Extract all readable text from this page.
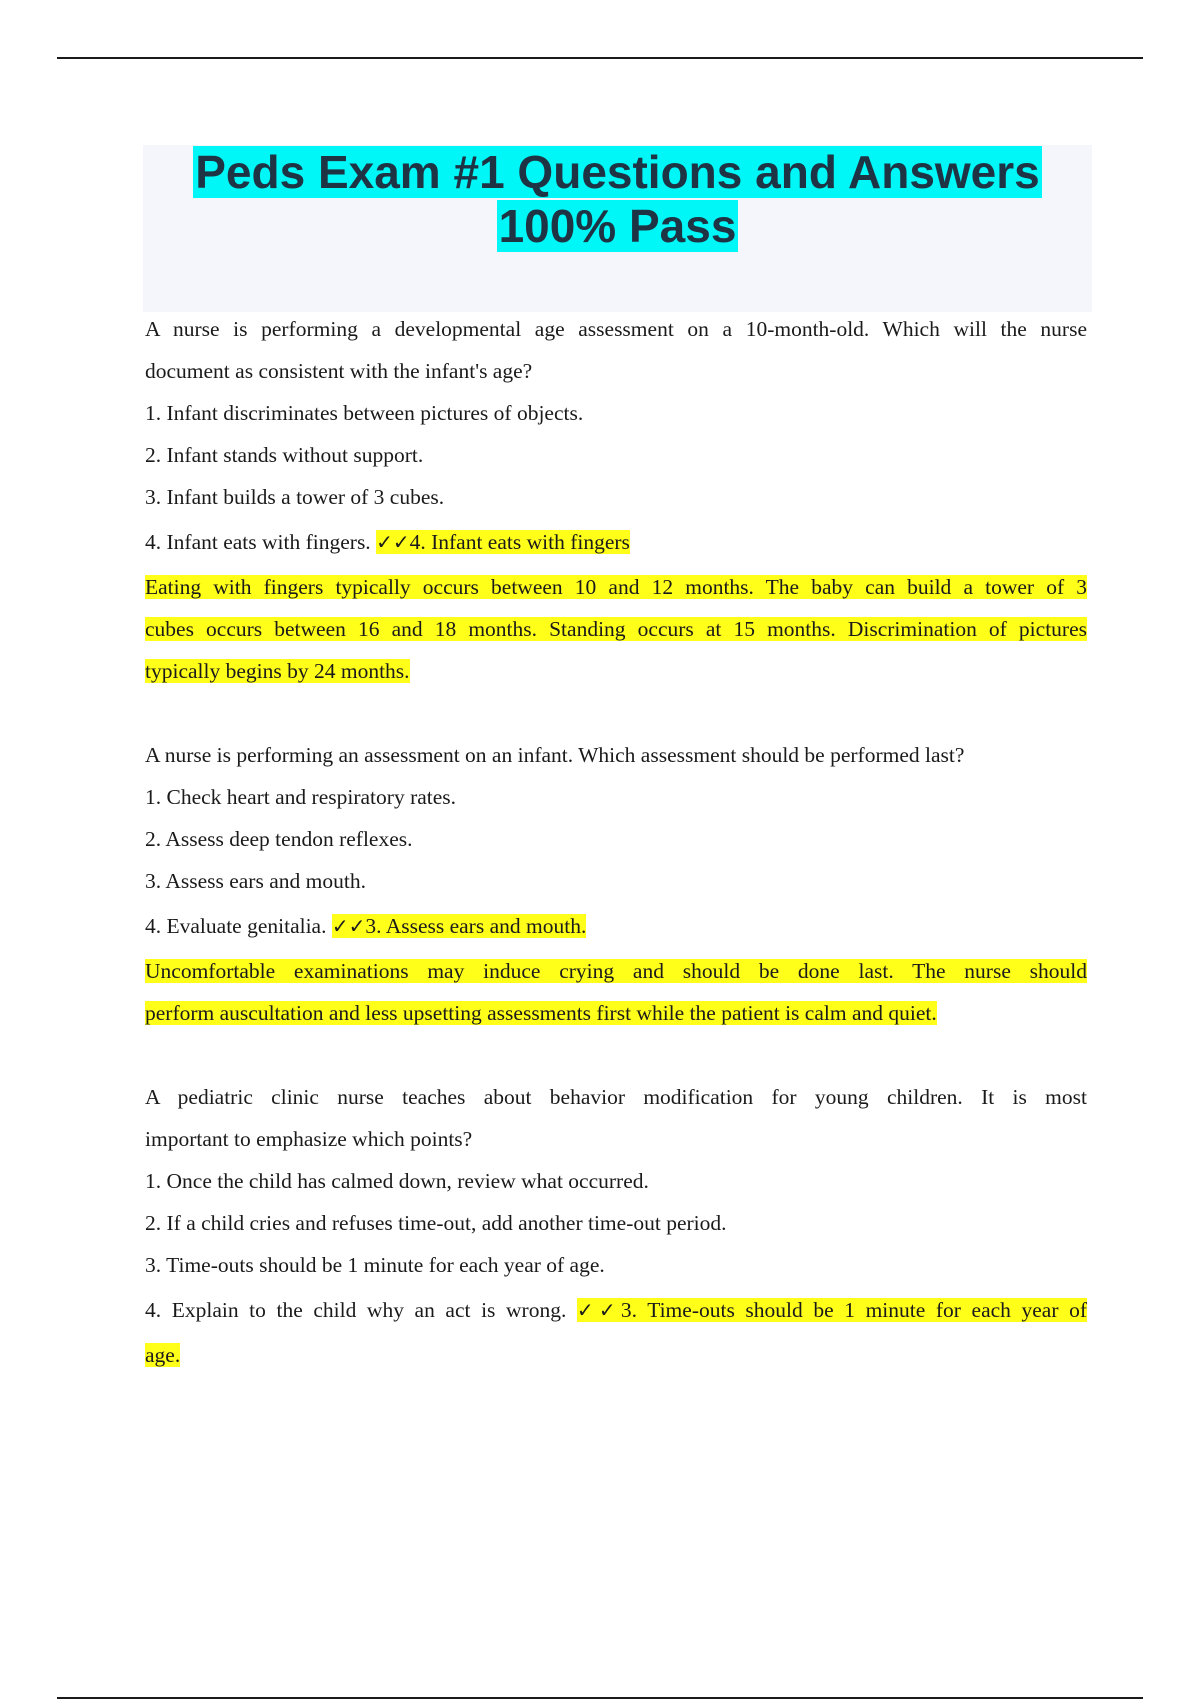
Peds Exam #1 Questions and Answers
100% Pass

A nurse is performing a developmental age assessment on a 10-month-old. Which will the nurse

document as consistent with the infant's age?

1. Infant discriminates between pictures of objects.

2. Infant stands without support.

3. Infant builds a tower of 3 cubes.

4. Infant eats with fingers. ✓✓4. Infant eats with fingers

Eating with fingers typically occurs between 10 and 12 months. The baby can build a tower of 3

cubes occurs between 16 and 18 months. Standing occurs at 15 months. Discrimination of pictures

typically begins by 24 months.

A nurse is performing an assessment on an infant. Which assessment should be performed last?

1. Check heart and respiratory rates.

2. Assess deep tendon reflexes.

3. Assess ears and mouth.

4. Evaluate genitalia. ✓✓3. Assess ears and mouth.

Uncomfortable examinations may induce crying and should be done last. The nurse should

perform auscultation and less upsetting assessments first while the patient is calm and quiet.

A pediatric clinic nurse teaches about behavior modification for young children. It is most

important to emphasize which points?

1. Once the child has calmed down, review what occurred.

2. If a child cries and refuses time-out, add another time-out period.

3. Time-outs should be 1 minute for each year of age.

4. Explain to the child why an act is wrong. ✓✓3. Time-outs should be 1 minute for each year of

age.
